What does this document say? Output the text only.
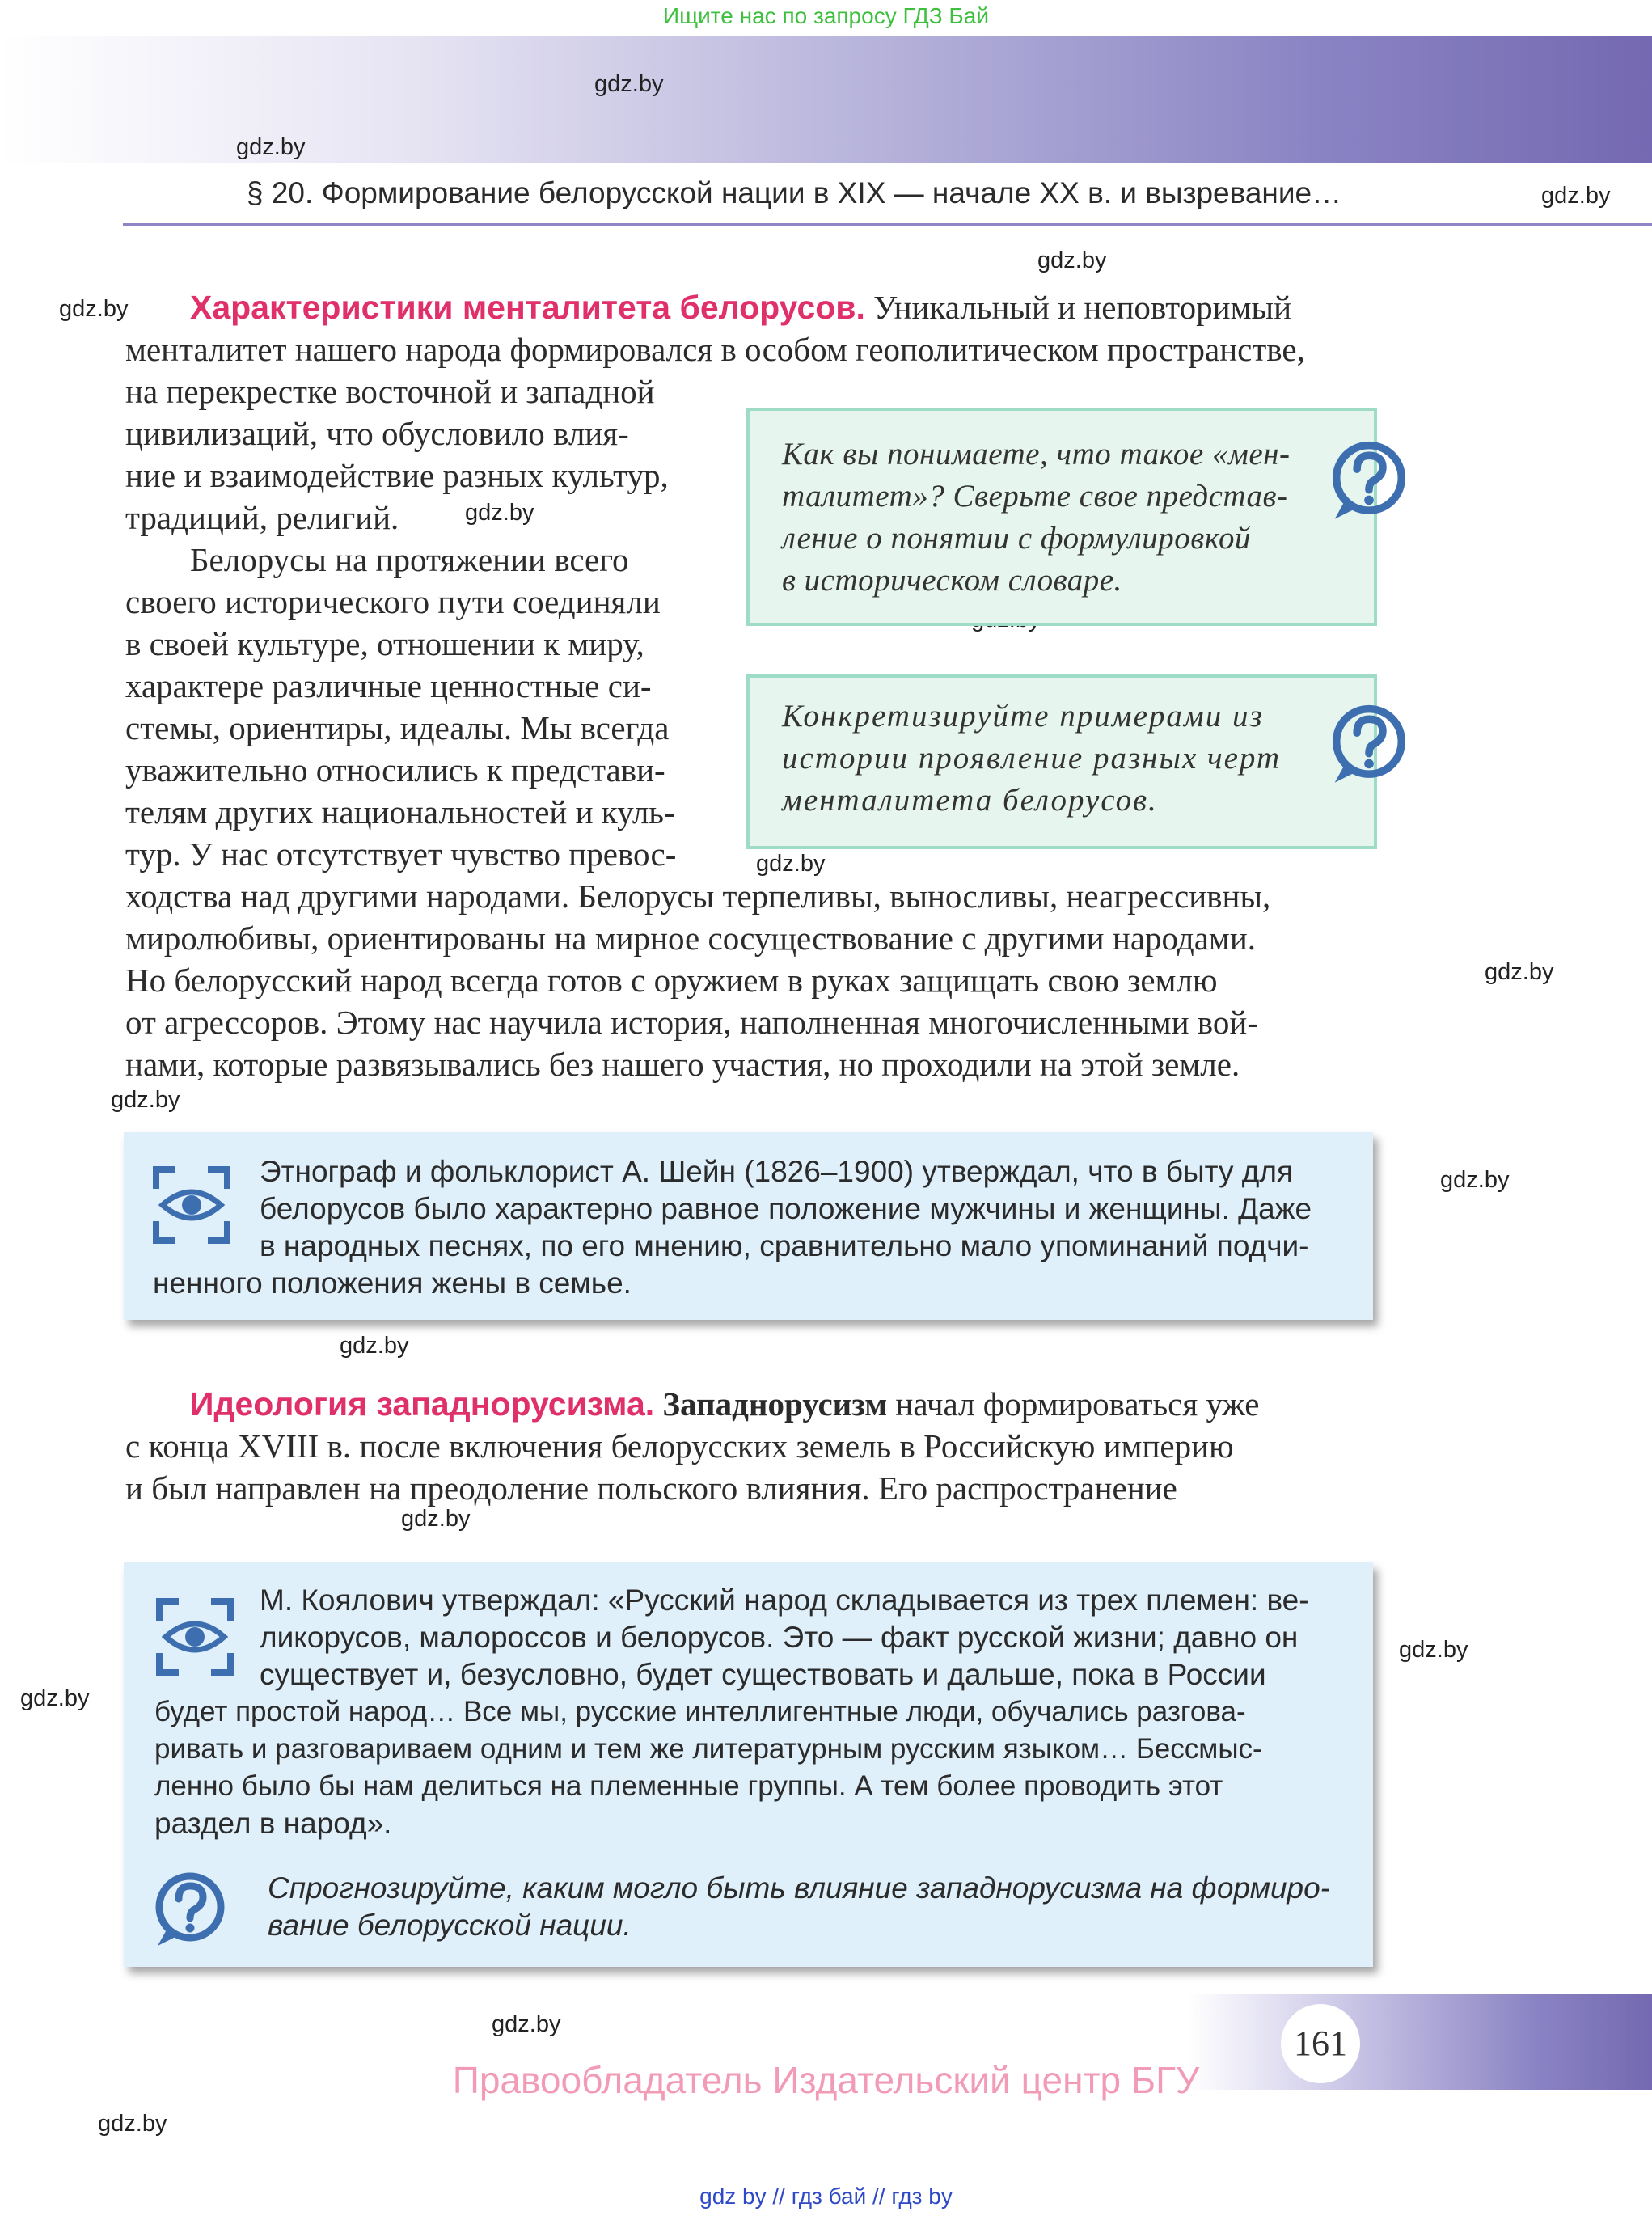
Ищите нас по запросу ГДЗ Бай
§ 20. Формирование белорусской нации в XIX — начале XX в. и вызревание…
gdz.by
gdz.by
gdz.by
gdz.by
gdz.by
gdz.by
gdz.by
gdz.by
gdz.by
gdz.by
gdz.by
gdz.by
gdz.by
gdz.by
gdz.by
gdz.by
Характеристики менталитета белорусов. Уникальный и неповторимый
менталитет нашего народа формировался в особом геополитическом пространстве,
на перекрестке восточной и западной
цивилизаций, что обусловило влия-
ние и взаимодействие разных культур,
традиций, религий.
Белорусы на протяжении всего
своего исторического пути соединяли
в своей культуре, отношении к миру,
характере различные ценностные си-
стемы, ориентиры, идеалы. Мы всегда
уважительно относились к представи-
телям других национальностей и куль-
тур. У нас отсутствует чувство превос-
ходства над другими народами. Белорусы терпеливы, выносливы, неагрессивны,
миролюбивы, ориентированы на мирное сосуществование с другими народами.
Но белорусский народ всегда готов с оружием в руках защищать свою землю
от агрессоров. Этому нас научила история, наполненная многочисленными вой-
нами, которые развязывались без нашего участия, но проходили на этой земле.
Как вы понимаете, что такое «мен-
талитет»? Сверьте свое представ-
ление о понятии с формулировкой
в историческом словаре.
Конкретизируйте примерами из
истории проявление разных черт
менталитета белорусов.
Этнограф и фольклорист А. Шейн (1826–1900) утверждал, что в быту для
белорусов было характерно равное положение мужчины и женщины. Даже
в народных песнях, по его мнению, сравнительно мало упоминаний подчи-
ненного положения жены в семье.
Идеология западнорусизма. Западнорусизм начал формироваться уже
с конца XVIII в. после включения белорусских земель в Российскую империю
и был направлен на преодоление польского влияния. Его распространение
М. Коялович утверждал: «Русский народ складывается из трех племен: ве-
ликорусов, малороссов и белорусов. Это — факт русской жизни; давно он
существует и, безусловно, будет существовать и дальше, пока в России
будет простой народ… Все мы, русские интеллигентные люди, обучались разгова-
ривать и разговариваем одним и тем же литературным русским языком… Бессмыс-
ленно было бы нам делиться на племенные группы. А тем более проводить этот
раздел в народ».
Спрогнозируйте, каким могло быть влияние западнорусизма на формиро-
вание белорусской нации.
161
Правообладатель Издательский центр БГУ
gdz by // гдз бай // гдз by
